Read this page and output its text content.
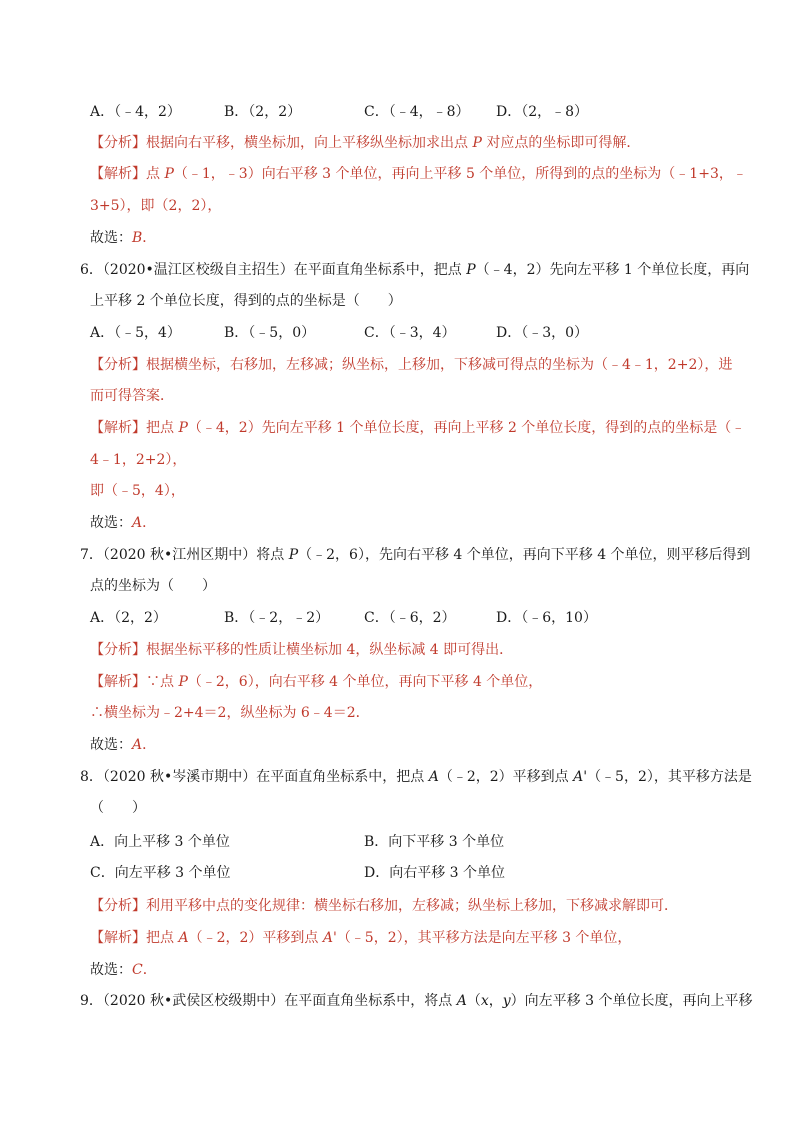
A．（﹣4，2）	B．（2，2）	C．（﹣4，﹣8） D．（2，﹣8）
【分析】根据向右平移，横坐标加，向上平移纵坐标加求出点 P 对应点的坐标即可得解．
【解析】点 P（﹣1，﹣3）向右平移 3 个单位，再向上平移 5 个单位，所得到的点的坐标为（﹣1+3，﹣
3+5），即（2，2），
故选：B．
6．（2020•温江区校级自主招生）在平面直角坐标系中，把点 P（﹣4，2）先向左平移 1 个单位长度，再向
上平移 2 个单位长度，得到的点的坐标是（　　）
A．（﹣5，4）	B．（﹣5，0）	C．（﹣3，4）	D．（﹣3，0）
【分析】根据横坐标，右移加，左移减；纵坐标，上移加，下移减可得点的坐标为（﹣4﹣1，2+2），进
而可得答案．
【解析】把点 P（﹣4，2）先向左平移 1 个单位长度，再向上平移 2 个单位长度，得到的点的坐标是（﹣
4﹣1，2+2），
即（﹣5，4），
故选：A．
7．（2020 秋•江州区期中）将点 P（﹣2，6），先向右平移 4 个单位，再向下平移 4 个单位，则平移后得到
点的坐标为（　　）
A．（2，2）	B．（﹣2，﹣2） C．（﹣6，2）	D．（﹣6，10）
【分析】根据坐标平移的性质让横坐标加 4，纵坐标减 4 即可得出．
【解析】∵点 P（﹣2，6），向右平移 4 个单位，再向下平移 4 个单位，
∴横坐标为﹣2+4＝2，纵坐标为 6﹣4＝2．
故选：A．
8．（2020 秋•岑溪市期中）在平面直角坐标系中，把点 A（﹣2，2）平移到点 A'（﹣5，2），其平移方法是
（　　）
A．向上平移 3 个单位	B．向下平移 3 个单位
C．向左平移 3 个单位	D．向右平移 3 个单位
【分析】利用平移中点的变化规律：横坐标右移加，左移减；纵坐标上移加，下移减求解即可．
【解析】把点 A（﹣2，2）平移到点 A'（﹣5，2），其平移方法是向左平移 3 个单位，
故选：C．
9．（2020 秋•武侯区校级期中）在平面直角坐标系中，将点 A（x，y）向左平移 3 个单位长度，再向上平移
